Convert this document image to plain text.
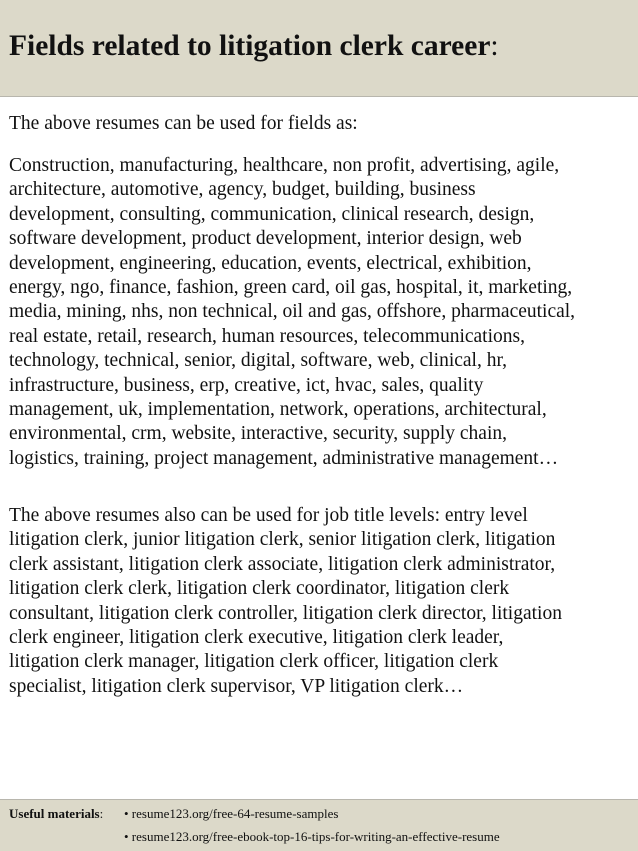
Fields related to litigation clerk career:

The above resumes can be used for fields as:

Construction, manufacturing, healthcare, non profit, advertising, agile,
architecture, automotive, agency, budget, building, business
development, consulting, communication, clinical research, design,
software development, product development, interior design, web
development, engineering, education, events, electrical, exhibition,
energy, ngo, finance, fashion, green card, oil gas, hospital, it, marketing,
media, mining, nhs, non technical, oil and gas, offshore, pharmaceutical,
real estate, retail, research, human resources, telecommunications,
technology, technical, senior, digital, software, web, clinical, hr,
infrastructure, business, erp, creative, ict, hvac, sales, quality
management, uk, implementation, network, operations, architectural,
environmental, crm, website, interactive, security, supply chain,
logistics, training, project management, administrative management…

The above resumes also can be used for job title levels: entry level
litigation clerk, junior litigation clerk, senior litigation clerk, litigation
clerk assistant, litigation clerk associate, litigation clerk administrator,
litigation clerk clerk, litigation clerk coordinator, litigation clerk
consultant, litigation clerk controller, litigation clerk director, litigation
clerk engineer, litigation clerk executive, litigation clerk leader,
litigation clerk manager, litigation clerk officer, litigation clerk
specialist, litigation clerk supervisor, VP litigation clerk…

Useful materials: • resume123.org/free-64-resume-samples
• resume123.org/free-ebook-top-16-tips-for-writing-an-effective-resume
